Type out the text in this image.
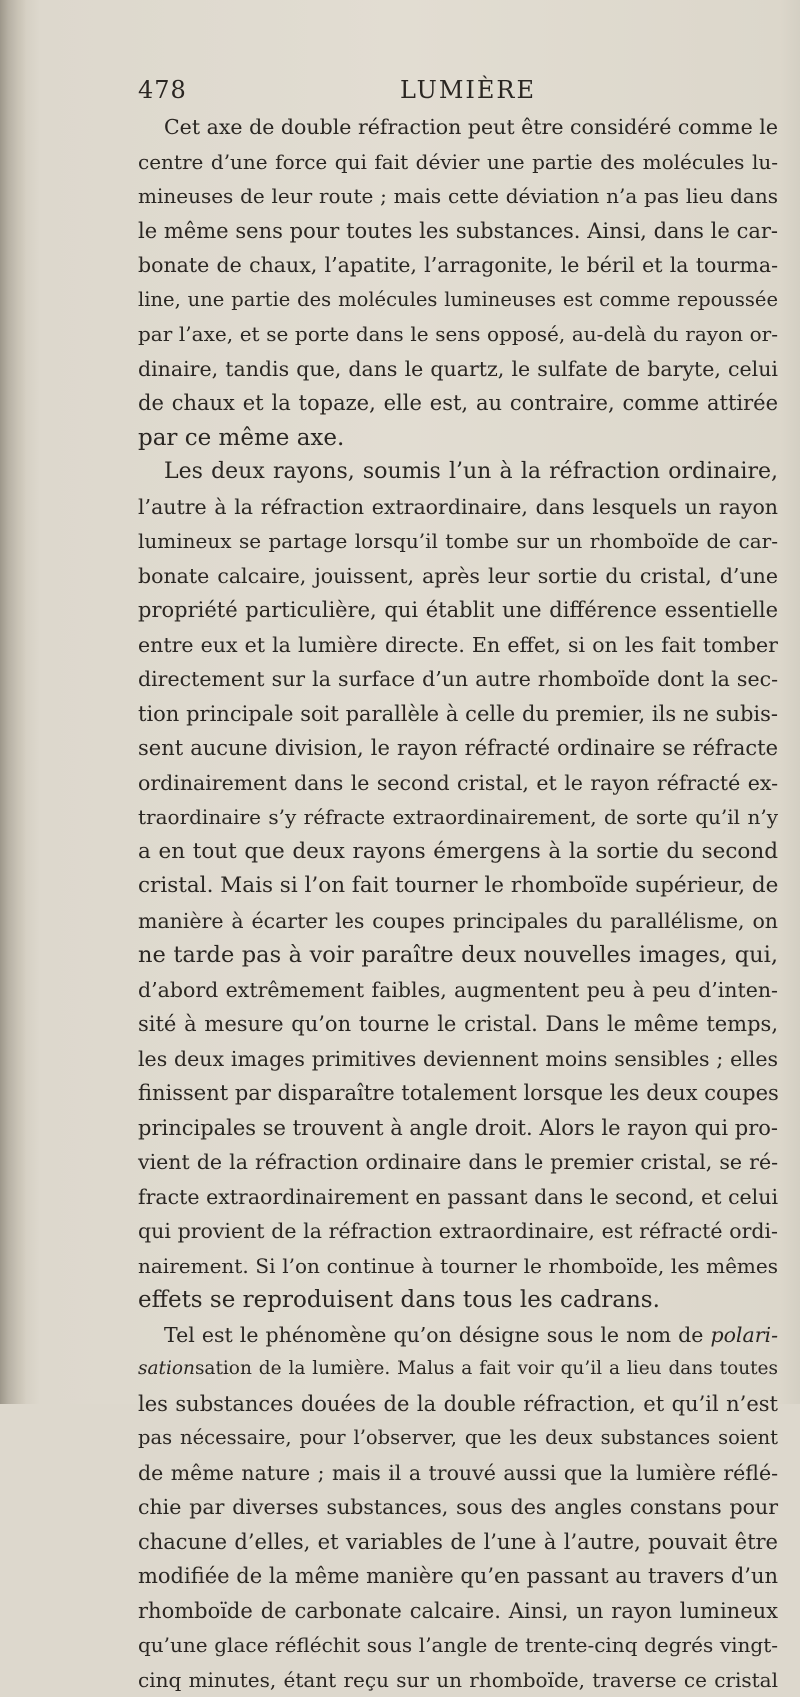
478	LUMIÈRE
Cet axe de double réfraction peut être considéré comme le
centre d’une force qui fait dévier une partie des molécules lu-
mineuses de leur route ; mais cette déviation n’a pas lieu dans
le même sens pour toutes les substances. Ainsi, dans le car-
bonate de chaux, l’apatite, l’arragonite, le béril et la tourma-
line, une partie des molécules lumineuses est comme repoussée
par l’axe, et se porte dans le sens opposé, au-delà du rayon or-
dinaire, tandis que, dans le quartz, le sulfate de baryte, celui
de chaux et la topaze, elle est, au contraire, comme attirée
par ce même axe.
Les deux rayons, soumis l’un à la réfraction ordinaire,
l’autre à la réfraction extraordinaire, dans lesquels un rayon
lumineux se partage lorsqu’il tombe sur un rhomboïde de car-
bonate calcaire, jouissent, après leur sortie du cristal, d’une
propriété particulière, qui établit une différence essentielle
entre eux et la lumière directe. En effet, si on les fait tomber
directement sur la surface d’un autre rhomboïde dont la sec-
tion principale soit parallèle à celle du premier, ils ne subis-
sent aucune division, le rayon réfracté ordinaire se réfracte
ordinairement dans le second cristal, et le rayon réfracté ex-
traordinaire s’y réfracte extraordinairement, de sorte qu’il n’y
a en tout que deux rayons émergens à la sortie du second
cristal. Mais si l’on fait tourner le rhomboïde supérieur, de
manière à écarter les coupes principales du parallélisme, on
ne tarde pas à voir paraître deux nouvelles images, qui,
d’abord extrêmement faibles, augmentent peu à peu d’inten-
sité à mesure qu’on tourne le cristal. Dans le même temps,
les deux images primitives deviennent moins sensibles ; elles
finissent par disparaître totalement lorsque les deux coupes
principales se trouvent à angle droit. Alors le rayon qui pro-
vient de la réfraction ordinaire dans le premier cristal, se ré-
fracte extraordinairement en passant dans le second, et celui
qui provient de la réfraction extraordinaire, est réfracté ordi-
nairement. Si l’on continue à tourner le rhomboïde, les mêmes
effets se reproduisent dans tous les cadrans.
Tel est le phénomène qu’on désigne sous le nom de polari-
sationsation de la lumière. Malus a fait voir qu’il a lieu dans toutes
les substances douées de la double réfraction, et qu’il n’est
pas nécessaire, pour l’observer, que les deux substances soient
de même nature ; mais il a trouvé aussi que la lumière réflé-
chie par diverses substances, sous des angles constans pour
chacune d’elles, et variables de l’une à l’autre, pouvait être
modifiée de la même manière qu’en passant au travers d’un
rhomboïde de carbonate calcaire. Ainsi, un rayon lumineux
qu’une glace réfléchit sous l’angle de trente-cinq degrés vingt-
cinq minutes, étant reçu sur un rhomboïde, traverse ce cristal
